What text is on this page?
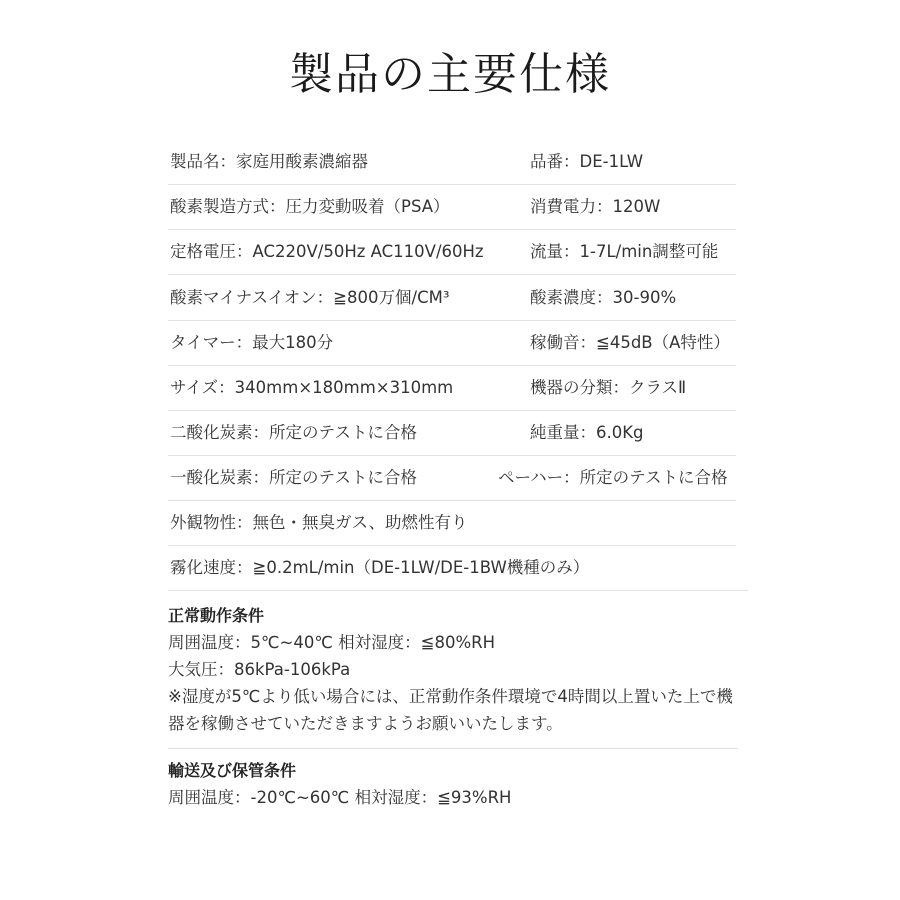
製品の主要仕様
製品名：家庭用酸素濃縮器	品番：DE-1LW
酸素製造方式：圧力変動吸着（PSA）	消費電力：120W
定格電圧：AC220V/50Hz AC110V/60Hz	流量：1-7L/min調整可能
酸素マイナスイオン：≧800万個/CM³	酸素濃度：30-90%
タイマー：最大180分	稼働音：≦45dB（A特性）
サイズ：340mm×180mm×310mm	機器の分類：クラスⅡ
二酸化炭素：所定のテストに合格	純重量：6.0Kg
一酸化炭素：所定のテストに合格	ペーハー：所定のテストに合格
外観物性：無色・無臭ガス、助燃性有り
霧化速度：≧0.2mL/min（DE-1LW/DE-1BW機種のみ）
正常動作条件
周囲温度：5℃~40℃ 相対湿度：≦80%RH
大気圧：86kPa-106kPa
※湿度が5℃より低い場合には、正常動作条件環境で4時間以上置いた上で機
器を稼働させていただきますようお願いいたします。
輸送及び保管条件
周囲温度：-20℃~60℃ 相対湿度：≦93%RH
